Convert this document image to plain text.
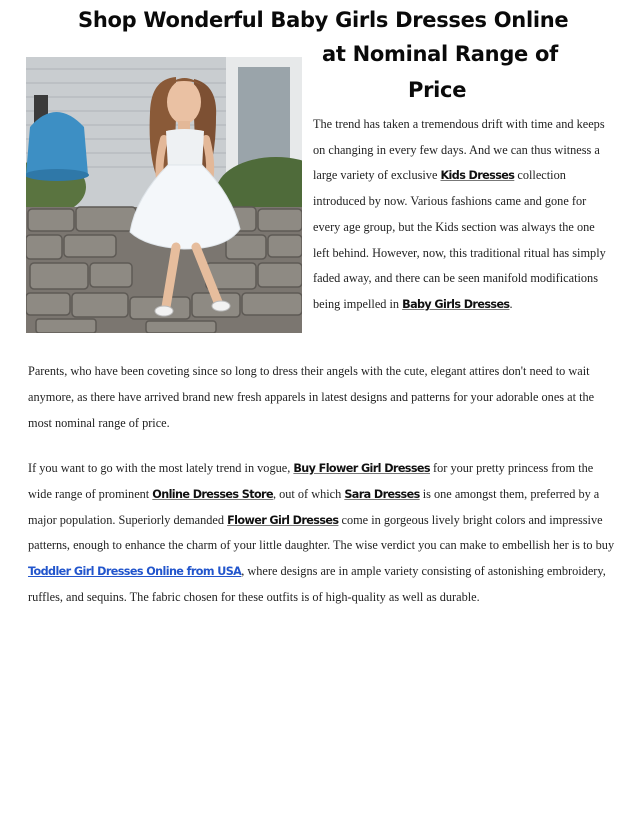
Shop Wonderful Baby Girls Dresses Online
at Nominal Range of
Price

The trend has taken a tremendous drift with time and keeps on changing in every few days. And we can thus witness a large variety of exclusive Kids Dresses collection introduced by now. Various fashions came and gone for every age group, but the Kids section was always the one left behind. However, now, this traditional ritual has simply faded away, and there can be seen manifold modifications being impelled in Baby Girls Dresses.

Parents, who have been coveting since so long to dress their angels with the cute, elegant attires don't need to wait anymore, as there have arrived brand new fresh apparels in latest designs and patterns for your adorable ones at the most nominal range of price.

If you want to go with the most lately trend in vogue, Buy Flower Girl Dresses for your pretty princess from the wide range of prominent Online Dresses Store, out of which Sara Dresses is one amongst them, preferred by a major population. Superiorly demanded Flower Girl Dresses come in gorgeous lively bright colors and impressive patterns, enough to enhance the charm of your little daughter. The wise verdict you can make to embellish her is to buy Toddler Girl Dresses Online from USA, where designs are in ample variety consisting of astonishing embroidery, ruffles, and sequins. The fabric chosen for these outfits is of high-quality as well as durable.
